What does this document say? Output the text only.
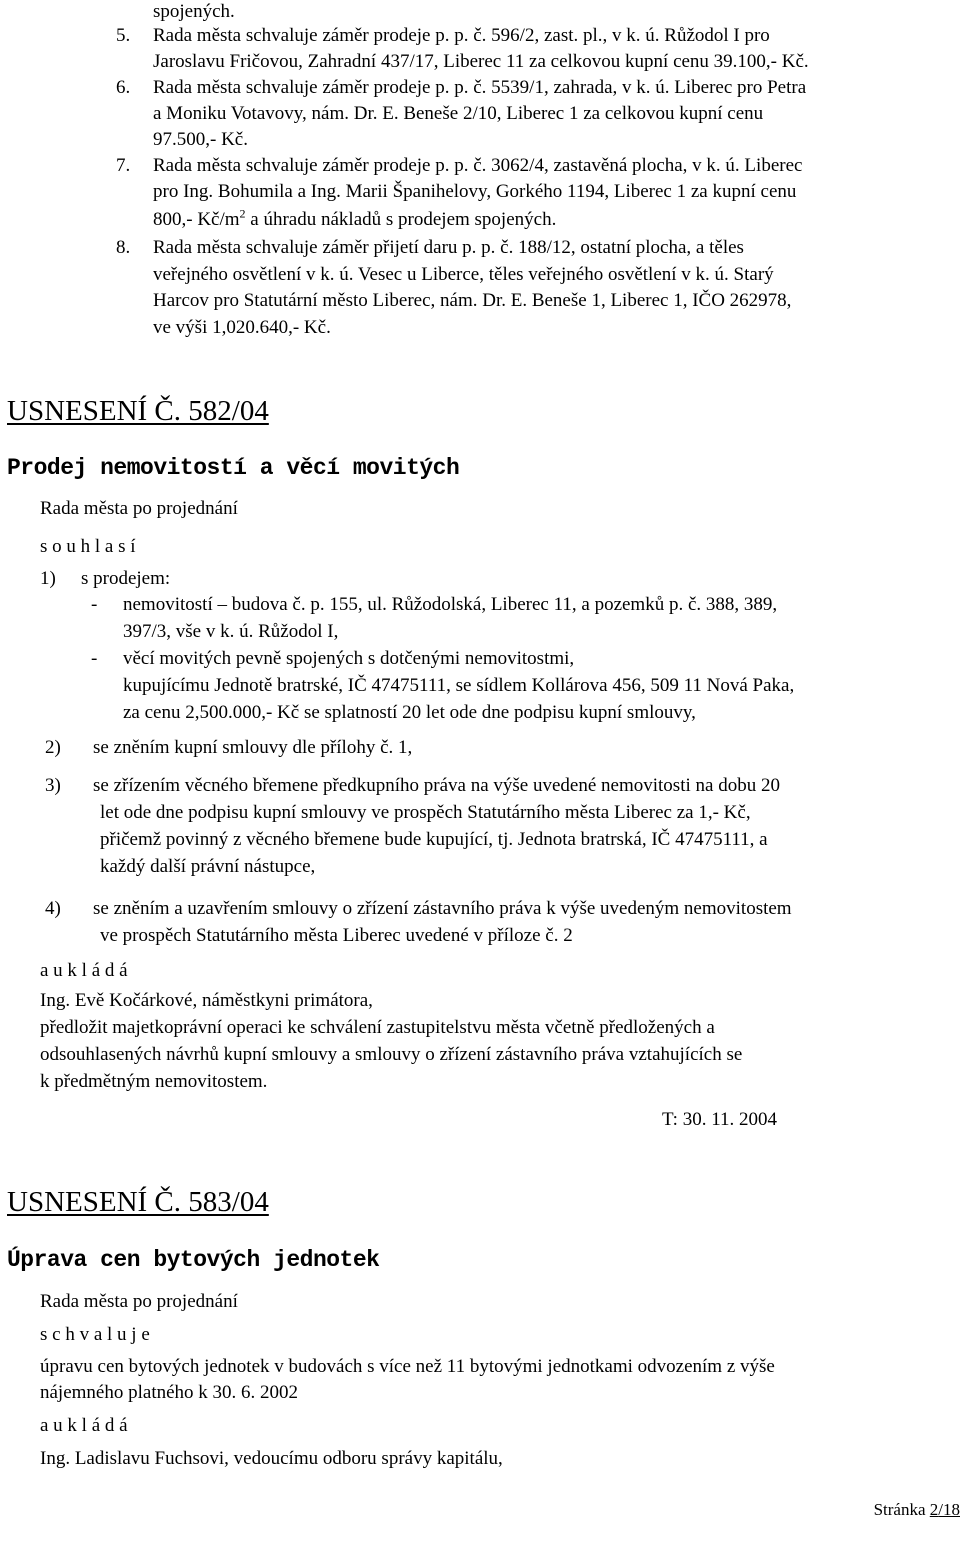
spojených.
5. Rada města schvaluje záměr prodeje p. p. č. 596/2, zast. pl., v k. ú. Růžodol I pro
Jaroslavu Fričovou, Zahradní 437/17, Liberec 11 za celkovou kupní cenu 39.100,- Kč.
6. Rada města schvaluje záměr prodeje p. p. č. 5539/1, zahrada, v k. ú. Liberec pro Petra
a Moniku Votavovy, nám. Dr. E. Beneše 2/10, Liberec 1 za celkovou kupní cenu
97.500,- Kč.
7. Rada města schvaluje záměr prodeje p. p. č. 3062/4, zastavěná plocha, v k. ú. Liberec
pro Ing. Bohumila a Ing. Marii Španihelovy, Gorkého 1194, Liberec 1 za kupní cenu
800,- $Kč/m^2$ a úhradu nákladů s prodejem spojených.
8. Rada města schvaluje záměr přijetí daru p. p. č. 188/12, ostatní plocha, a těles
veřejného osvětlení v k. ú. Vesec u Liberce, těles veřejného osvětlení v k. ú. Starý
Harcov pro Statutární město Liberec, nám. Dr. E. Beneše 1, Liberec 1, IČO 262978,
ve výši 1,020.640,- Kč.
USNESENÍ Č. 582/04
Prodej nemovitostí a věcí movitých
Rada města po projednání
s o u h l a s í
1) s prodejem:
- nemovitostí – budova č. p. 155, ul. Růžodolská, Liberec 11, a pozemků p. č. 388, 389,
397/3, vše v k. ú. Růžodol I,
- věcí movitých pevně spojených s dotčenými nemovitostmi,
kupujícímu Jednotě bratrské, IČ 47475111, se sídlem Kollárova 456, 509 11 Nová Paka,
za cenu 2,500.000,- Kč se splatností 20 let ode dne podpisu kupní smlouvy,
2) se zněním kupní smlouvy dle přílohy č. 1,
3) se zřízením věcného břemene předkupního práva na výše uvedené nemovitosti na dobu 20
let ode dne podpisu kupní smlouvy ve prospěch Statutárního města Liberec za 1,- Kč,
přičemž povinný z věcného břemene bude kupující, tj. Jednota bratrská, IČ 47475111, a
každý další právní nástupce,
4) se zněním a uzavřením smlouvy o zřízení zástavního práva k výše uvedeným nemovitostem
ve prospěch Statutárního města Liberec uvedené v příloze č. 2
a u k l á d á
Ing. Evě Kočárkové, náměstkyni primátora,
předložit majetkoprávní operaci ke schválení zastupitelstvu města včetně předložených a
odsouhlasených návrhů kupní smlouvy a smlouvy o zřízení zástavního práva vztahujících se
k předmětným nemovitostem.
T: 30. 11. 2004
USNESENÍ Č. 583/04
Úprava cen bytových jednotek
Rada města po projednání
s c h v a l u j e
úpravu cen bytových jednotek v budovách s více než 11 bytovými jednotkami odvozením z výše
nájemného platného k 30. 6. 2002
a u k l á d á
Ing. Ladislavu Fuchsovi, vedoucímu odboru správy kapitálu,
Stránka 2/18
